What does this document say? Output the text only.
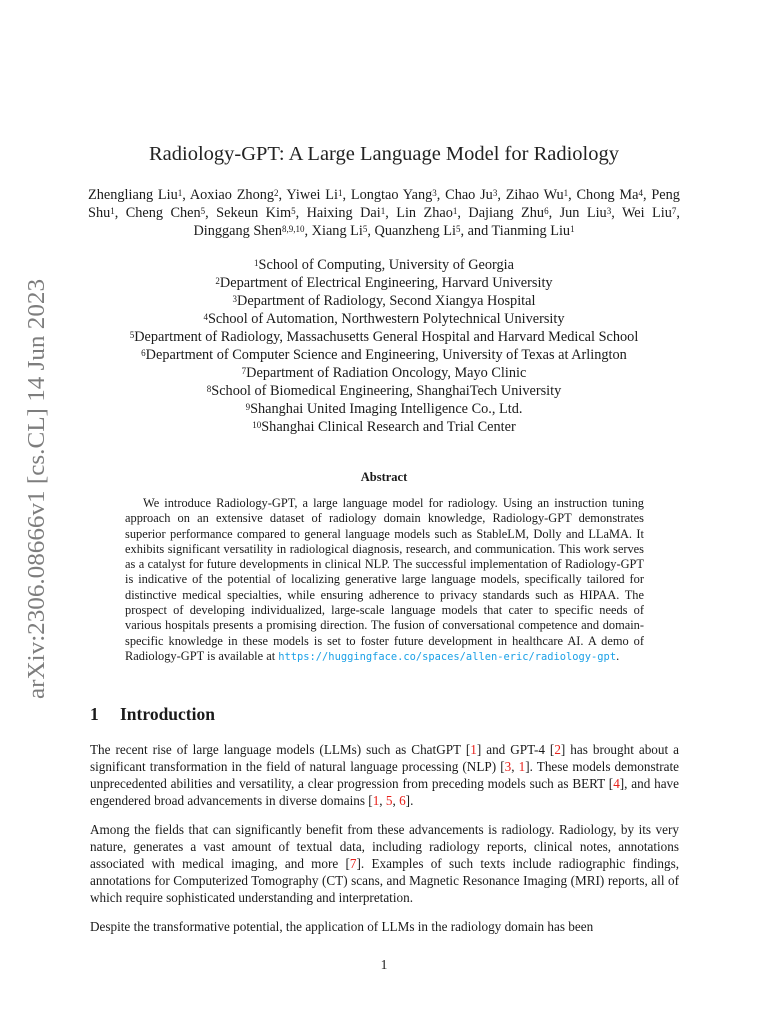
arXiv:2306.08666v1 [cs.CL] 14 Jun 2023
Radiology-GPT: A Large Language Model for Radiology
Zhengliang Liu$^1$, Aoxiao Zhong$^2$, Yiwei Li$^1$, Longtao Yang$^3$, Chao Ju$^3$, Zihao Wu$^1$, Chong Ma$^4$, Peng Shu$^1$, Cheng Chen$^5$, Sekeun Kim$^5$, Haixing Dai$^1$, Lin Zhao$^1$, Dajiang Zhu$^6$, Jun Liu$^3$, Wei Liu$^7$, Dinggang Shen$^{8,9,10}$, Xiang Li$^5$, Quanzheng Li$^5$, and Tianming Liu$^1$
$^1$School of Computing, University of Georgia
$^2$Department of Electrical Engineering, Harvard University
$^3$Department of Radiology, Second Xiangya Hospital
$^4$School of Automation, Northwestern Polytechnical University
$^5$Department of Radiology, Massachusetts General Hospital and Harvard Medical School
$^6$Department of Computer Science and Engineering, University of Texas at Arlington
$^7$Department of Radiation Oncology, Mayo Clinic
$^8$School of Biomedical Engineering, ShanghaiTech University
$^9$Shanghai United Imaging Intelligence Co., Ltd.
$^{10}$Shanghai Clinical Research and Trial Center
Abstract
We introduce Radiology-GPT, a large language model for radiology. Using an instruction tuning approach on an extensive dataset of radiology domain knowledge, Radiology-GPT demonstrates superior performance compared to general language models such as StableLM, Dolly and LLaMA. It exhibits significant versatility in radiological diagnosis, research, and communication. This work serves as a catalyst for future developments in clinical NLP. The successful implementation of Radiology-GPT is indicative of the potential of localizing generative large language models, specifically tailored for distinctive medical specialties, while ensuring adherence to privacy standards such as HIPAA. The prospect of developing individualized, large-scale language models that cater to specific needs of various hospitals presents a promising direction. The fusion of conversational competence and domain-specific knowledge in these models is set to foster future development in healthcare AI. A demo of Radiology-GPT is available at https://huggingface.co/spaces/allen-eric/radiology-gpt.
1 Introduction
The recent rise of large language models (LLMs) such as ChatGPT [1] and GPT-4 [2] has brought about a significant transformation in the field of natural language processing (NLP) [3, 1]. These models demonstrate unprecedented abilities and versatility, a clear progression from preceding models such as BERT [4], and have engendered broad advancements in diverse domains [1, 5, 6].
Among the fields that can significantly benefit from these advancements is radiology. Radiology, by its very nature, generates a vast amount of textual data, including radiology reports, clinical notes, annotations associated with medical imaging, and more [7]. Examples of such texts include radiographic findings, annotations for Computerized Tomography (CT) scans, and Magnetic Resonance Imaging (MRI) reports, all of which require sophisticated understanding and interpretation.
Despite the transformative potential, the application of LLMs in the radiology domain has been
1
